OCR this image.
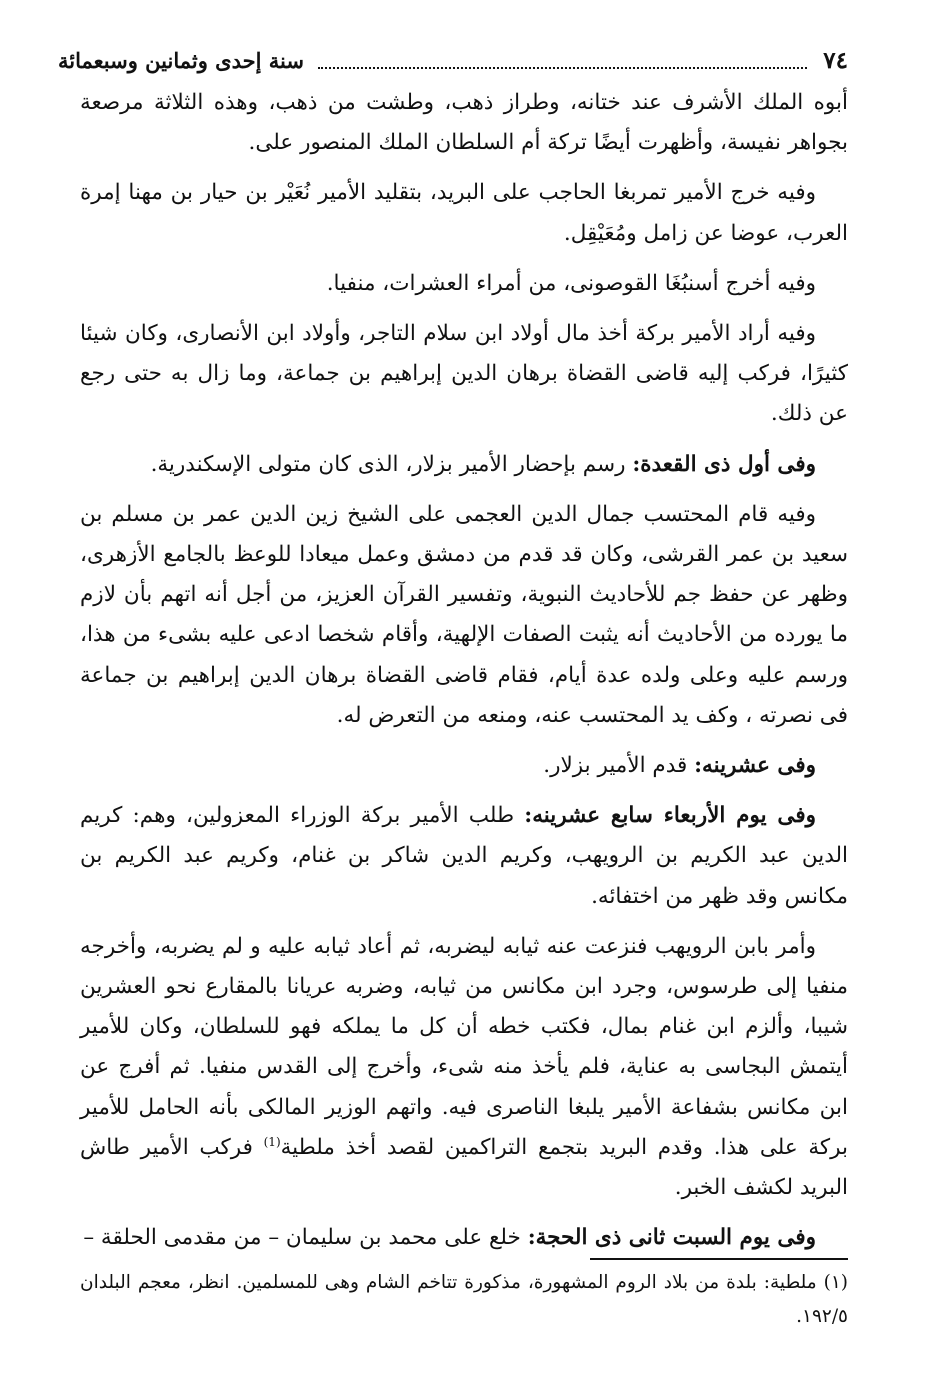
٧٤
سنة إحدى وثمانين وسبعمائة

أبوه الملك الأشرف عند ختانه، وطراز ذهب، وطشت من ذهب، وهذه الثلاثة مرصعة بجواهر نفيسة، وأظهرت أيضًا تركة أم السلطان الملك المنصور على.

وفيه خرج الأمير تمربغا الحاجب على البريد، بتقليد الأمير نُعَيْر بن حيار بن مهنا إمرة العرب، عوضا عن زامل ومُعَيْقِل.

وفيه أخرج أسنبُغَا القوصونى، من أمراء العشرات، منفيا.

وفيه أراد الأمير بركة أخذ مال أولاد ابن سلام التاجر، وأولاد ابن الأنصارى، وكان شيئا كثيرًا، فركب إليه قاضى القضاة برهان الدين إبراهيم بن جماعة، وما زال به حتى رجع عن ذلك.

وفى أول ذى القعدة: رسم بإحضار الأمير بزلار، الذى كان متولى الإسكندرية.

وفيه قام المحتسب جمال الدين العجمى على الشيخ زين الدين عمر بن مسلم بن سعيد بن عمر القرشى، وكان قد قدم من دمشق وعمل ميعادا للوعظ بالجامع الأزهرى، وظهر عن حفظ جم للأحاديث النبوية، وتفسير القرآن العزيز، من أجل أنه اتهم بأن لازم ما يورده من الأحاديث أنه يثبت الصفات الإلهية، وأقام شخصا ادعى عليه بشىء من هذا، ورسم عليه وعلى ولده عدة أيام، فقام قاضى القضاة برهان الدين إبراهيم بن جماعة فى نصرته ، وكف يد المحتسب عنه، ومنعه من التعرض له.

وفى عشرينه: قدم الأمير بزلار.

وفى يوم الأربعاء سابع عشرينه: طلب الأمير بركة الوزراء المعزولين، وهم: كريم الدين عبد الكريم بن الرويهب، وكريم الدين شاكر بن غنام، وكريم عبد الكريم بن مكانس وقد ظهر من اختفائه.

وأمر بابن الرويهب فنزعت عنه ثيابه ليضربه، ثم أعاد ثيابه عليه و لم يضربه، وأخرجه منفيا إلى طرسوس، وجرد ابن مكانس من ثيابه، وضربه عريانا بالمقارع نحو العشرين شيبا، وألزم ابن غنام بمال، فكتب خطه أن كل ما يملكه فهو للسلطان، وكان للأمير أيتمش البجاسى به عناية، فلم يأخذ منه شىء، وأخرج إلى القدس منفيا. ثم أفرج عن ابن مكانس بشفاعة الأمير يلبغا الناصرى فيه. واتهم الوزير المالكى بأنه الحامل للأمير بركة على هذا. وقدم البريد بتجمع التراكمين لقصد أخذ ملطية$^{(1)}$ فركب الأمير طاش البريد لكشف الخبر.

وفى يوم السبت ثانى ذى الحجة: خلع على محمد بن سليمان – من مقدمى الحلقة –

(١) ملطية: بلدة من بلاد الروم المشهورة، مذكورة تتاخم الشام وهى للمسلمين. انظر، معجم البلدان ١٩٢/٥.
